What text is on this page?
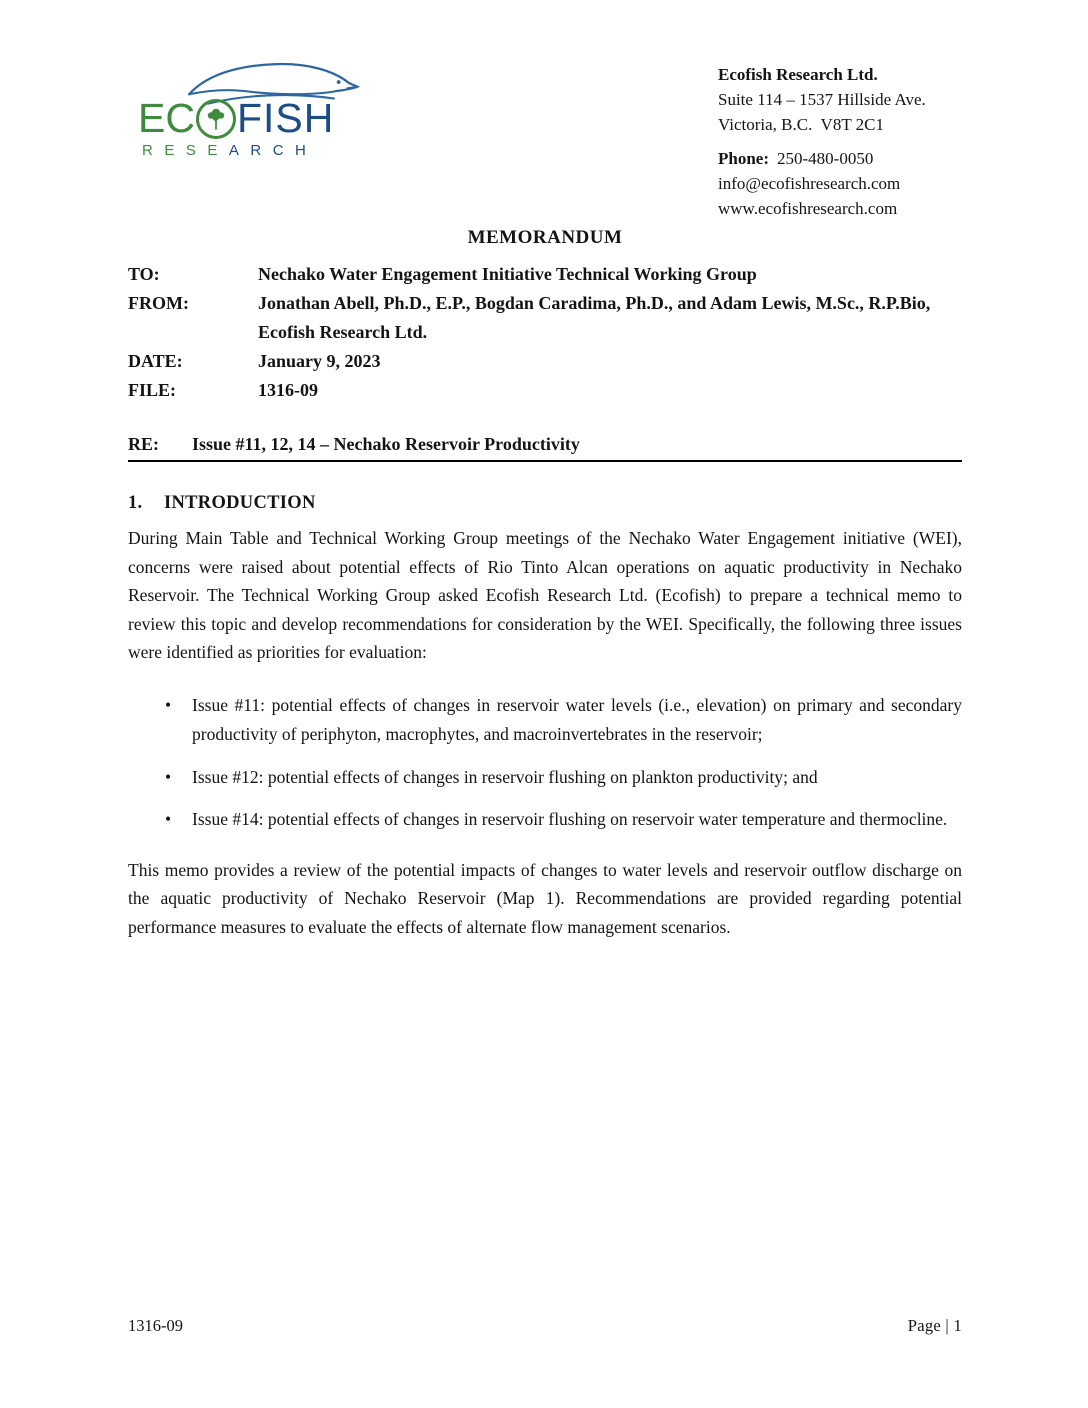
EC FISH
RESEARCH
Ecofish Research Ltd.
Suite 114 – 1537 Hillside Ave.
Victoria, B.C.  V8T 2C1
Phone: 250-480-0050
info@ecofishresearch.com
www.ecofishresearch.com
MEMORANDUM
TO:	Nechako Water Engagement Initiative Technical Working Group
FROM:	Jonathan Abell, Ph.D., E.P., Bogdan Caradima, Ph.D., and Adam Lewis, M.Sc., R.P.Bio, Ecofish Research Ltd.
DATE:	January 9, 2023
FILE:	1316-09
RE:	Issue #11, 12, 14 – Nechako Reservoir Productivity
1. INTRODUCTION

During Main Table and Technical Working Group meetings of the Nechako Water Engagement initiative (WEI), concerns were raised about potential effects of Rio Tinto Alcan operations on aquatic productivity in Nechako Reservoir. The Technical Working Group asked Ecofish Research Ltd. (Ecofish) to prepare a technical memo to review this topic and develop recommendations for consideration by the WEI. Specifically, the following three issues were identified as priorities for evaluation:

• Issue #11: potential effects of changes in reservoir water levels (i.e., elevation) on primary and secondary productivity of periphyton, macrophytes, and macroinvertebrates in the reservoir;
• Issue #12: potential effects of changes in reservoir flushing on plankton productivity; and
• Issue #14: potential effects of changes in reservoir flushing on reservoir water temperature and thermocline.

This memo provides a review of the potential impacts of changes to water levels and reservoir outflow discharge on the aquatic productivity of Nechako Reservoir (Map 1). Recommendations are provided regarding potential performance measures to evaluate the effects of alternate flow management scenarios.

1316-09	Page | 1
